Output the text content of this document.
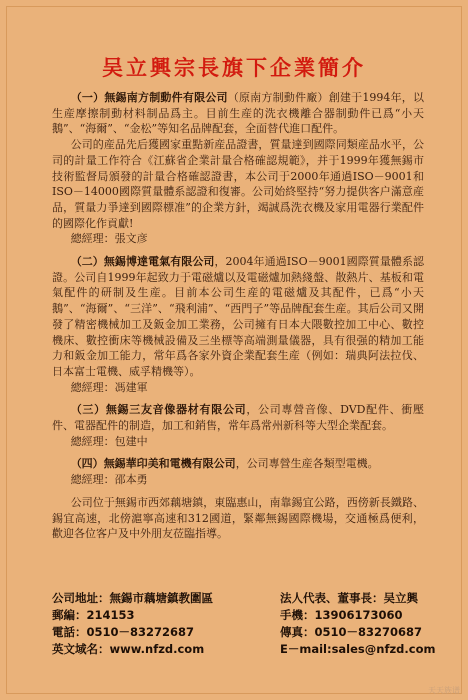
吴立興宗長旗下企業簡介

（一）無錫南方制動件有限公司（原南方制動件廠）創建于1994年，以生産摩擦制動材料制品爲主。目前生産的洗衣機離合器制動件已爲“小天鵝”、“海爾”、“金松”等知名品牌配套，全面替代進口配件。

公司的産品先后獲國家重點新産品證書，質量達到國際同類産品水平，公司的計量工作符合《江蘇省企業計量合格確認規範》，并于1999年獲無錫市技術監督局頒發的計量合格確認證書，本公司于2000年通過ISO－9001和ISO－14000國際質量體系認證和復審。公司始終堅持“努力提供客户滿意産品，質量力爭達到國際標准”的企業方針，竭誠爲洗衣機及家用電器行業配件的國際化作貢獻!

總經理：張文彦

（二）無錫博達電氣有限公司，2004年通過ISO－9001國際質量體系認證。公司自1999年起致力于電磁爐以及電磁爐加熱綫盤、散熱片、基板和電氣配件的研制及生産。目前本公司生産的電磁爐及其配件，已爲“小天鵝”、“海爾”、“三洋”、“飛利浦”、“西門子”等品牌配套生産。其后公司又開發了精密機械加工及鈑金加工業務，公司擁有日本大隈數控加工中心、數控機床、數控衝床等機械設備及三坐標等高端測量儀器，具有很强的精加工能力和鈑金加工能力，常年爲各家外資企業配套生産（例如：瑞典阿法拉伐、日本富士電機、威孚精機等）。

總經理：馮建軍

（三）無錫三友音像器材有限公司，公司專營音像、DVD配件、衝壓件、電器配件的制造，加工和銷售，常年爲常州新科等大型企業配套。

總經理：包建中

（四）無錫華印美和電機有限公司，公司專營生産各類型電機。

總經理：邵本勇

公司位于無錫市西郊藕塘鎮，東臨惠山，南靠錫宜公路，西傍新長鐵路、錫宜高速，北傍滬寧高速和312國道，緊鄰無錫國際機場，交通極爲便利，歡迎各位客户及中外朋友莅臨指導。

公司地址：無錫市藕塘鎮教圍區	法人代表、董事長：吴立興
郵編：214153	手機：13906173060
電話：0510－83272687	傳真：0510－83270687
英文域名：www.nfzd.com	E－mail:sales@nfzd.com
天天族谱
